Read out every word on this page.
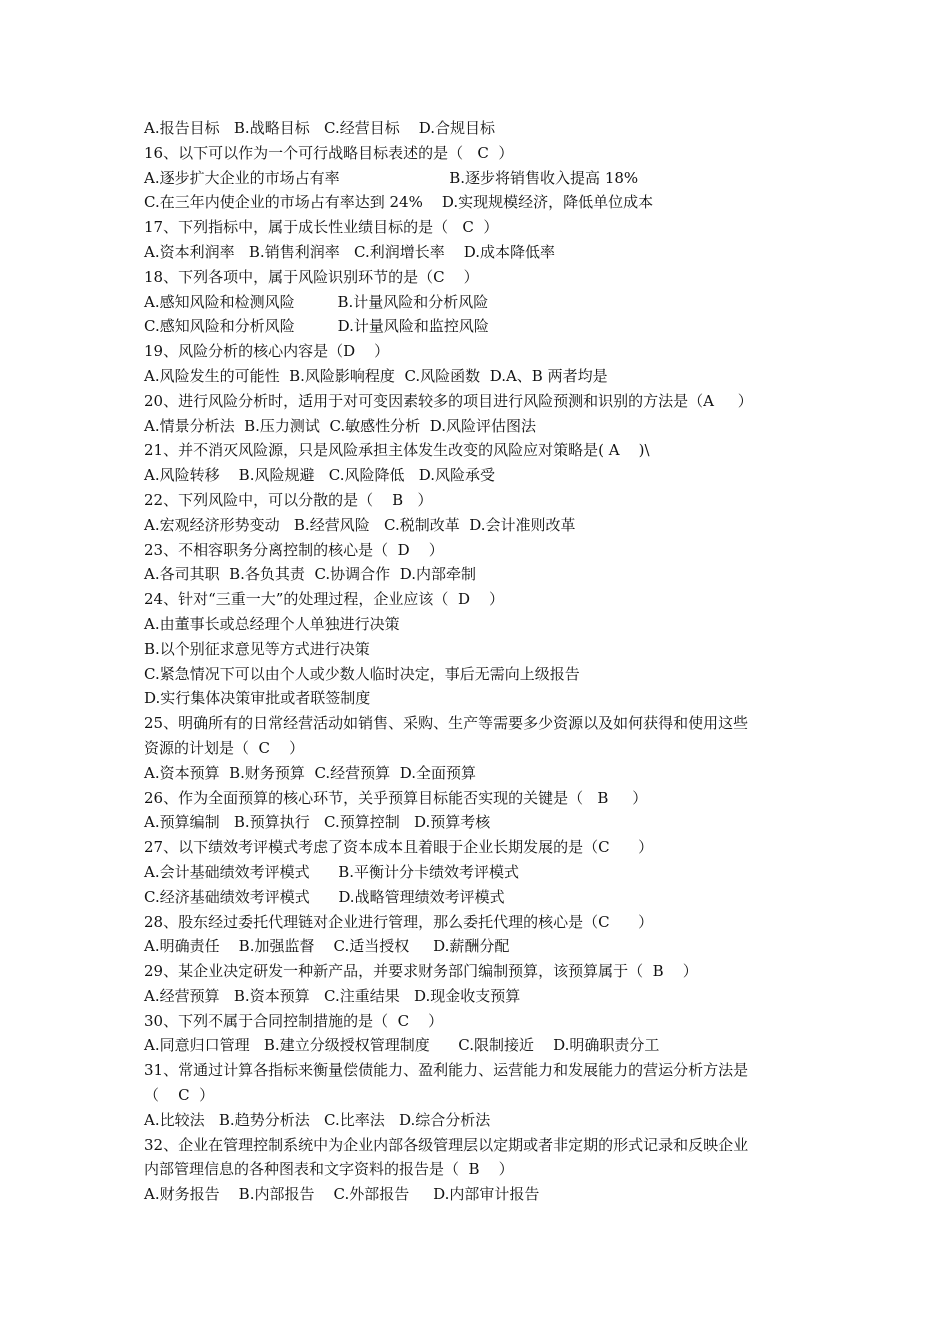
A.报告目标   B.战略目标   C.经营目标    D.合规目标
16、以下可以作为一个可行战略目标表述的是（   C  ）
A.逐步扩大企业的市场占有率                       B.逐步将销售收入提高 18%
C.在三年内使企业的市场占有率达到 24%    D.实现规模经济，降低单位成本
17、下列指标中，属于成长性业绩目标的是（   C  ）
A.资本利润率   B.销售利润率   C.利润增长率    D.成本降低率
18、下列各项中，属于风险识别环节的是（C    ）
A.感知风险和检测风险         B.计量风险和分析风险
C.感知风险和分析风险         D.计量风险和监控风险
19、风险分析的核心内容是（D    ）
A.风险发生的可能性  B.风险影响程度  C.风险函数  D.A、B 两者均是
20、进行风险分析时，适用于对可变因素较多的项目进行风险预测和识别的方法是（A     ）
A.情景分析法  B.压力测试  C.敏感性分析  D.风险评估图法
21、并不消灭风险源，只是风险承担主体发生改变的风险应对策略是( A    )\
A.风险转移    B.风险规避   C.风险降低   D.风险承受
22、下列风险中，可以分散的是（    B   ）
A.宏观经济形势变动   B.经营风险   C.税制改革  D.会计准则改革
23、不相容职务分离控制的核心是（  D    ）
A.各司其职  B.各负其责  C.协调合作  D.内部牵制
24、针对“三重一大”的处理过程，企业应该（  D    ）
A.由董事长或总经理个人单独进行决策
B.以个别征求意见等方式进行决策
C.紧急情况下可以由个人或少数人临时决定，事后无需向上级报告
D.实行集体决策审批或者联签制度
25、明确所有的日常经营活动如销售、采购、生产等需要多少资源以及如何获得和使用这些
资源的计划是（  C    ）
A.资本预算  B.财务预算  C.经营预算  D.全面预算
26、作为全面预算的核心环节，关乎预算目标能否实现的关键是（   B     ）
A.预算编制   B.预算执行   C.预算控制   D.预算考核
27、以下绩效考评模式考虑了资本成本且着眼于企业长期发展的是（C      ）
A.会计基础绩效考评模式      B.平衡计分卡绩效考评模式
C.经济基础绩效考评模式      D.战略管理绩效考评模式
28、股东经过委托代理链对企业进行管理，那么委托代理的核心是（C      ）
A.明确责任    B.加强监督    C.适当授权     D.薪酬分配
29、某企业决定研发一种新产品，并要求财务部门编制预算，该预算属于（  B    ）
A.经营预算   B.资本预算   C.注重结果   D.现金收支预算
30、下列不属于合同控制措施的是（  C    ）
A.同意归口管理   B.建立分级授权管理制度      C.限制接近    D.明确职责分工
31、常通过计算各指标来衡量偿债能力、盈利能力、运营能力和发展能力的营运分析方法是
（    C  ）
A.比较法   B.趋势分析法   C.比率法   D.综合分析法
32、企业在管理控制系统中为企业内部各级管理层以定期或者非定期的形式记录和反映企业
内部管理信息的各种图表和文字资料的报告是（  B    ）
A.财务报告    B.内部报告    C.外部报告     D.内部审计报告
